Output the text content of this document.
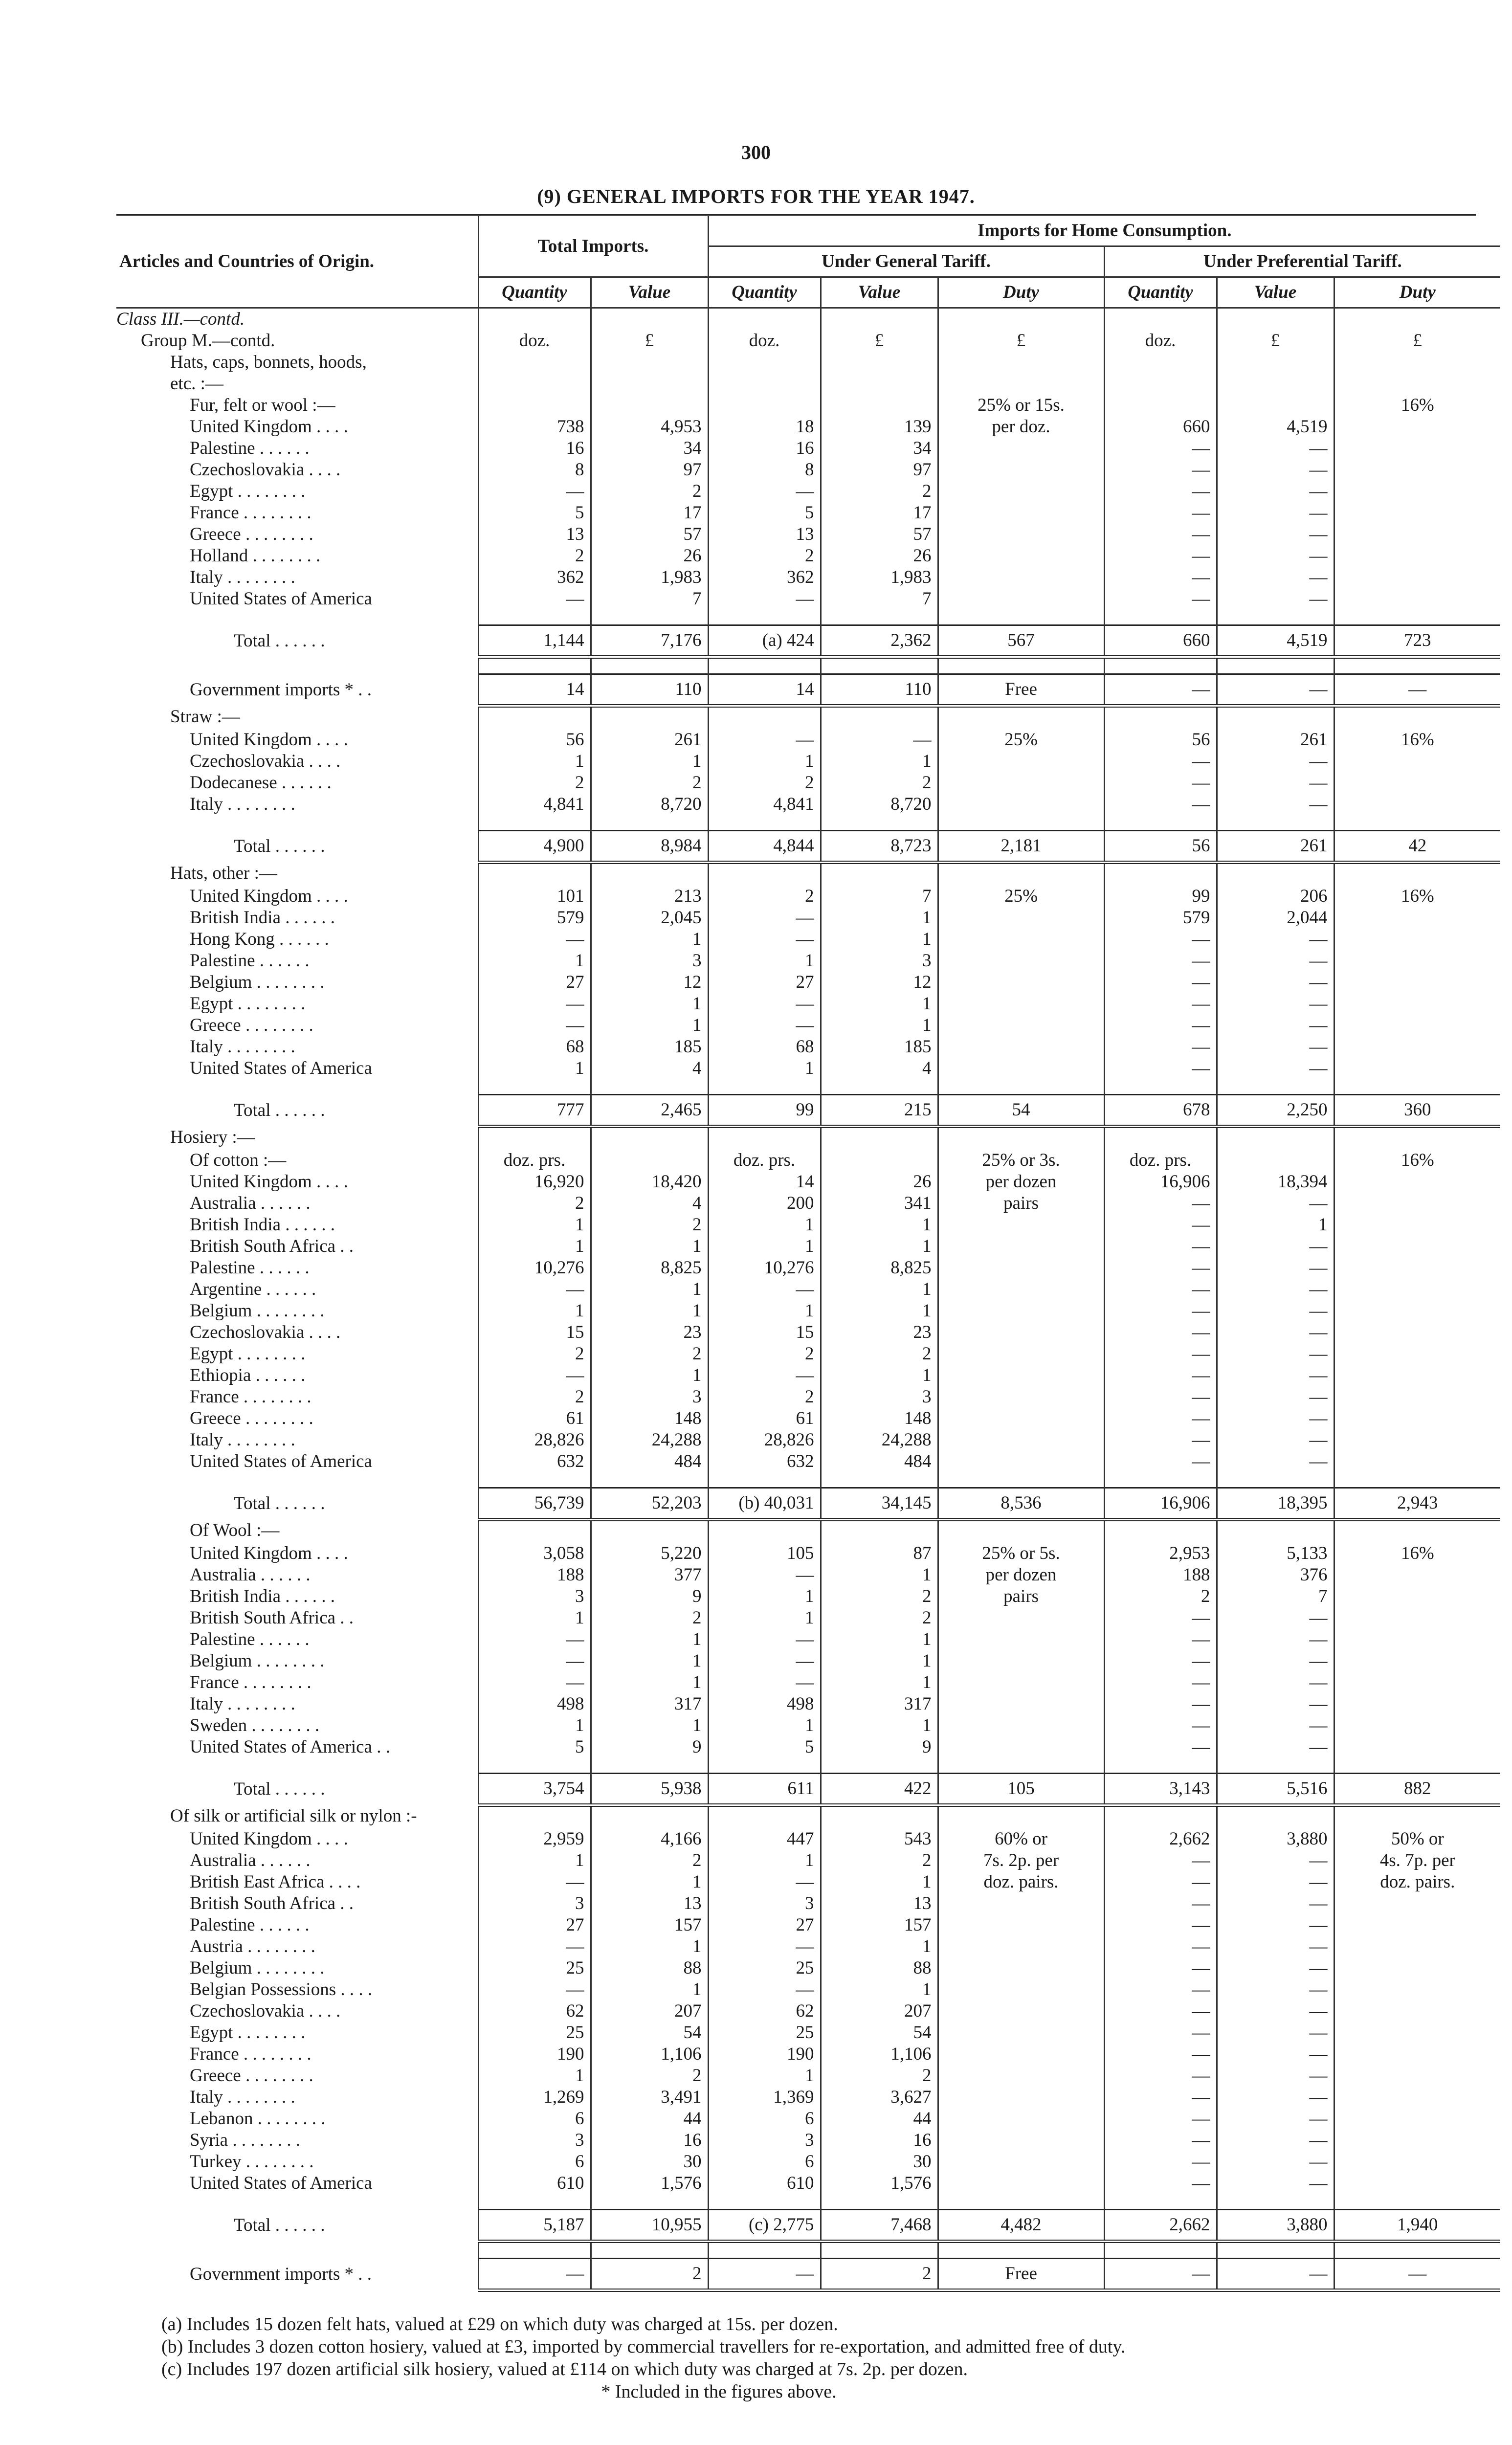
300
(9) GENERAL IMPORTS FOR THE YEAR 1947.
Articles and Countries of Origin.	Total Imports.		Imports for Home Consumption.					
			Under General Tariff.			Under Preferential Tariff.		
	Quantity	Value	Quantity	Value	Duty	Quantity	Value	Duty
Class III.—contd.								
Group M.—contd.	doz.	£	doz.	£	£	doz.	£	£
Hats, caps, bonnets, hoods,								
etc. :—								
Fur, felt or wool :—					25% or 15s.			16%
United Kingdom . . . .	738	4,953	18	139	per doz.	660	4,519	
Palestine . . . . . .	16	34	16	34		—	—	
Czechoslovakia . . . .	8	97	8	97		—	—	
Egypt . . . . . . . .	—	2	—	2		—	—	
France . . . . . . . .	5	17	5	17		—	—	
Greece . . . . . . . .	13	57	13	57		—	—	
Holland . . . . . . . .	2	26	2	26		—	—	
Italy . . . . . . . .	362	1,983	362	1,983		—	—	
United States of America	—	7	—	7		—	—	

Total . . . . . .	1,144	7,176	(a) 424	2,362	567	660	4,519	723

Government imports * . .	14	110	14	110	Free	—	—	—
Straw :—								
United Kingdom . . . .	56	261	—	—	25%	56	261	16%
Czechoslovakia . . . .	1	1	1	1		—	—	
Dodecanese . . . . . .	2	2	2	2		—	—	
Italy . . . . . . . .	4,841	8,720	4,841	8,720		—	—	

Total . . . . . .	4,900	8,984	4,844	8,723	2,181	56	261	42
Hats, other :—								
United Kingdom . . . .	101	213	2	7	25%	99	206	16%
British India . . . . . .	579	2,045	—	1		579	2,044	
Hong Kong . . . . . .	—	1	—	1		—	—	
Palestine . . . . . .	1	3	1	3		—	—	
Belgium . . . . . . . .	27	12	27	12		—	—	
Egypt . . . . . . . .	—	1	—	1		—	—	
Greece . . . . . . . .	—	1	—	1		—	—	
Italy . . . . . . . .	68	185	68	185		—	—	
United States of America	1	4	1	4		—	—	

Total . . . . . .	777	2,465	99	215	54	678	2,250	360
Hosiery :—								
Of cotton :—	doz. prs.		doz. prs.		25% or 3s.	doz. prs.		16%
United Kingdom . . . .	16,920	18,420	14	26	per dozen	16,906	18,394	
Australia . . . . . .	2	4	200	341	pairs	—	—	
British India . . . . . .	1	2	1	1		—	1	
British South Africa . .	1	1	1	1		—	—	
Palestine . . . . . .	10,276	8,825	10,276	8,825		—	—	
Argentine . . . . . .	—	1	—	1		—	—	
Belgium . . . . . . . .	1	1	1	1		—	—	
Czechoslovakia . . . .	15	23	15	23		—	—	
Egypt . . . . . . . .	2	2	2	2		—	—	
Ethiopia . . . . . .	—	1	—	1		—	—	
France . . . . . . . .	2	3	2	3		—	—	
Greece . . . . . . . .	61	148	61	148		—	—	
Italy . . . . . . . .	28,826	24,288	28,826	24,288		—	—	
United States of America	632	484	632	484		—	—	

Total . . . . . .	56,739	52,203	(b) 40,031	34,145	8,536	16,906	18,395	2,943
Of Wool :—								
United Kingdom . . . .	3,058	5,220	105	87	25% or 5s.	2,953	5,133	16%
Australia . . . . . .	188	377	—	1	per dozen	188	376	
British India . . . . . .	3	9	1	2	pairs	2	7	
British South Africa . .	1	2	1	2		—	—	
Palestine . . . . . .	—	1	—	1		—	—	
Belgium . . . . . . . .	—	1	—	1		—	—	
France . . . . . . . .	—	1	—	1		—	—	
Italy . . . . . . . .	498	317	498	317		—	—	
Sweden . . . . . . . .	1	1	1	1		—	—	
United States of America . .	5	9	5	9		—	—	

Total . . . . . .	3,754	5,938	611	422	105	3,143	5,516	882
Of silk or artificial silk or nylon :-								
United Kingdom . . . .	2,959	4,166	447	543	60% or	2,662	3,880	50% or
Australia . . . . . .	1	2	1	2	7s. 2p. per	—	—	4s. 7p. per
British East Africa . . . .	—	1	—	1	doz. pairs.	—	—	doz. pairs.
British South Africa . .	3	13	3	13		—	—	
Palestine . . . . . .	27	157	27	157		—	—	
Austria . . . . . . . .	—	1	—	1		—	—	
Belgium . . . . . . . .	25	88	25	88		—	—	
Belgian Possessions . . . .	—	1	—	1		—	—	
Czechoslovakia . . . .	62	207	62	207		—	—	
Egypt . . . . . . . .	25	54	25	54		—	—	
France . . . . . . . .	190	1,106	190	1,106		—	—	
Greece . . . . . . . .	1	2	1	2		—	—	
Italy . . . . . . . .	1,269	3,491	1,369	3,627		—	—	
Lebanon . . . . . . . .	6	44	6	44		—	—	
Syria . . . . . . . .	3	16	3	16		—	—	
Turkey . . . . . . . .	6	30	6	30		—	—	
United States of America	610	1,576	610	1,576		—	—	

Total . . . . . .	5,187	10,955	(c) 2,775	7,468	4,482	2,662	3,880	1,940

Government imports * . .	—	2	—	2	Free	—	—	—
(a) Includes 15 dozen felt hats, valued at £29 on which duty was charged at 15s. per dozen.
(b) Includes 3 dozen cotton hosiery, valued at £3, imported by commercial travellers for re-exportation, and admitted free of duty.
(c) Includes 197 dozen artificial silk hosiery, valued at £114 on which duty was charged at 7s. 2p. per dozen.
* Included in the figures above.
